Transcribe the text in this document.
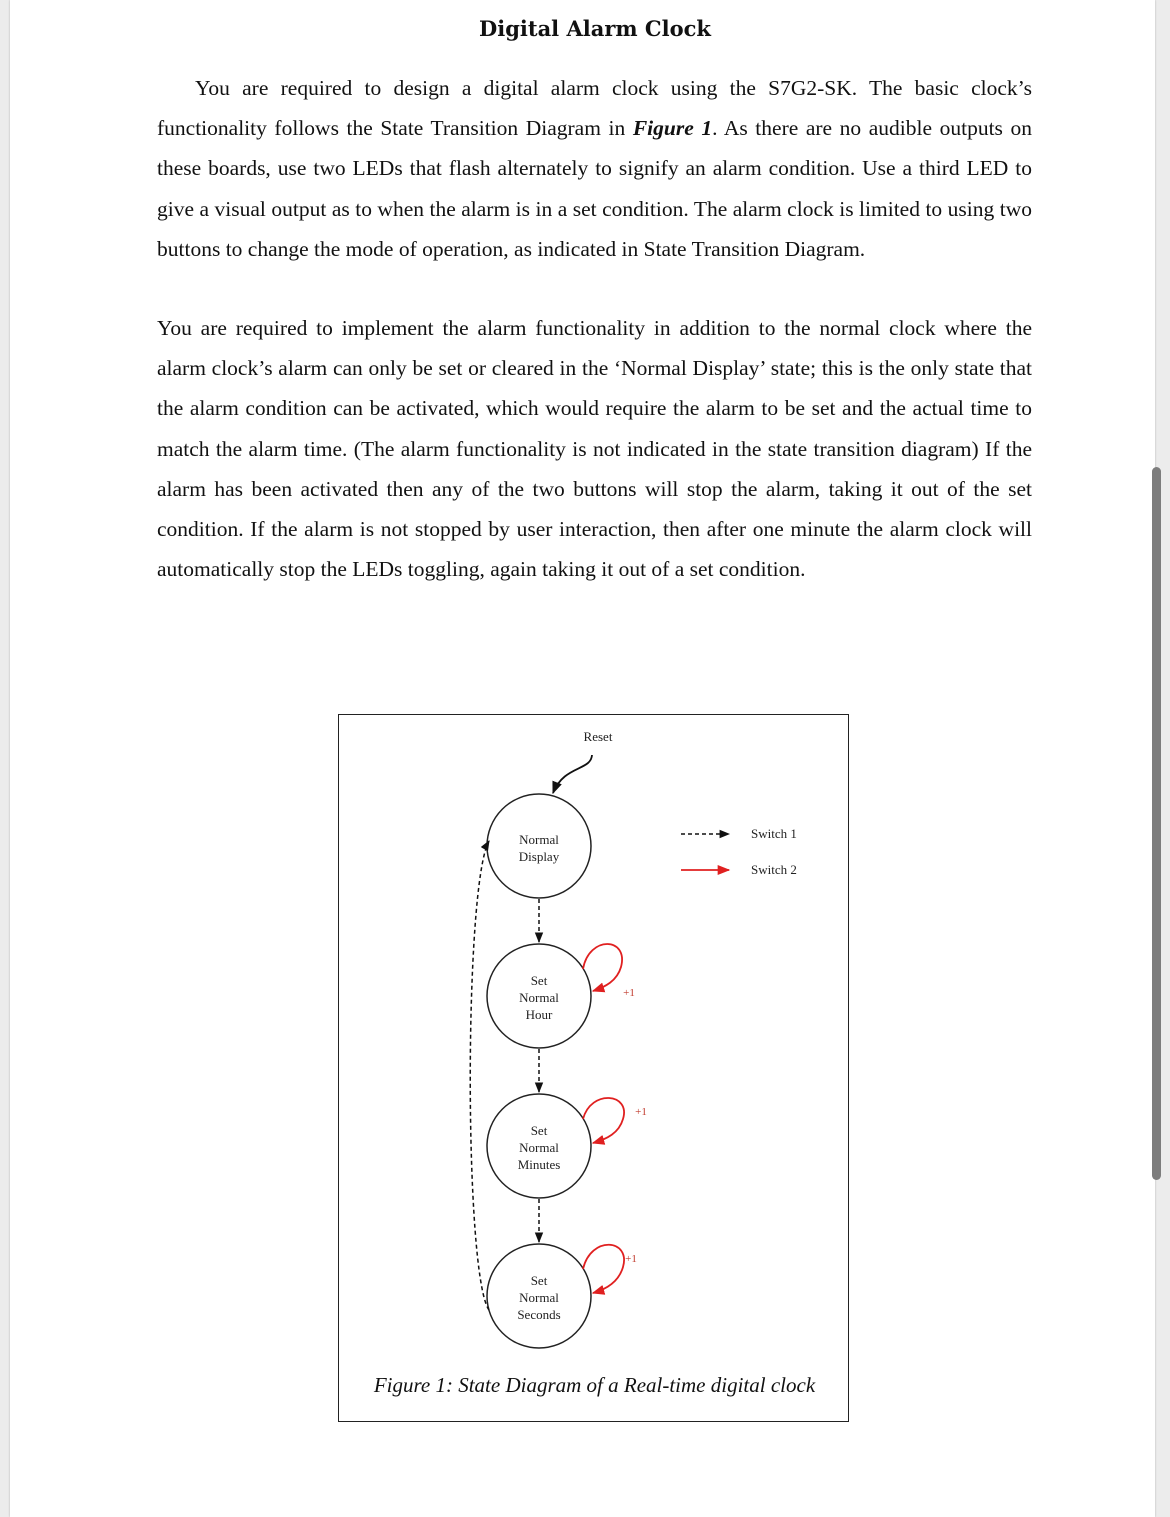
Digital Alarm Clock

You are required to design a digital alarm clock using the S7G2-SK. The basic clock’s functionality follows the State Transition Diagram in Figure 1. As there are no audible outputs on these boards, use two LEDs that flash alternately to signify an alarm condition. Use a third LED to give a visual output as to when the alarm is in a set condition. The alarm clock is limited to using two buttons to change the mode of operation, as indicated in State Transition Diagram.

You are required to implement the alarm functionality in addition to the normal clock where the alarm clock’s alarm can only be set or cleared in the ‘Normal Display’ state; this is the only state that the alarm condition can be activated, which would require the alarm to be set and the actual time to match the alarm time. (The alarm functionality is not indicated in the state transition diagram) If the alarm has been activated then any of the two buttons will stop the alarm, taking it out of the set condition. If the alarm is not stopped by user interaction, then after one minute the alarm clock will automatically stop the LEDs toggling, again taking it out of a set condition.

Reset
Normal
Display
Set
Normal
Hour
Set
Normal
Minutes
Set
Normal
Seconds
+1
+1
+1
Switch 1
Switch 2

Figure 1: State Diagram of a Real-time digital clock
